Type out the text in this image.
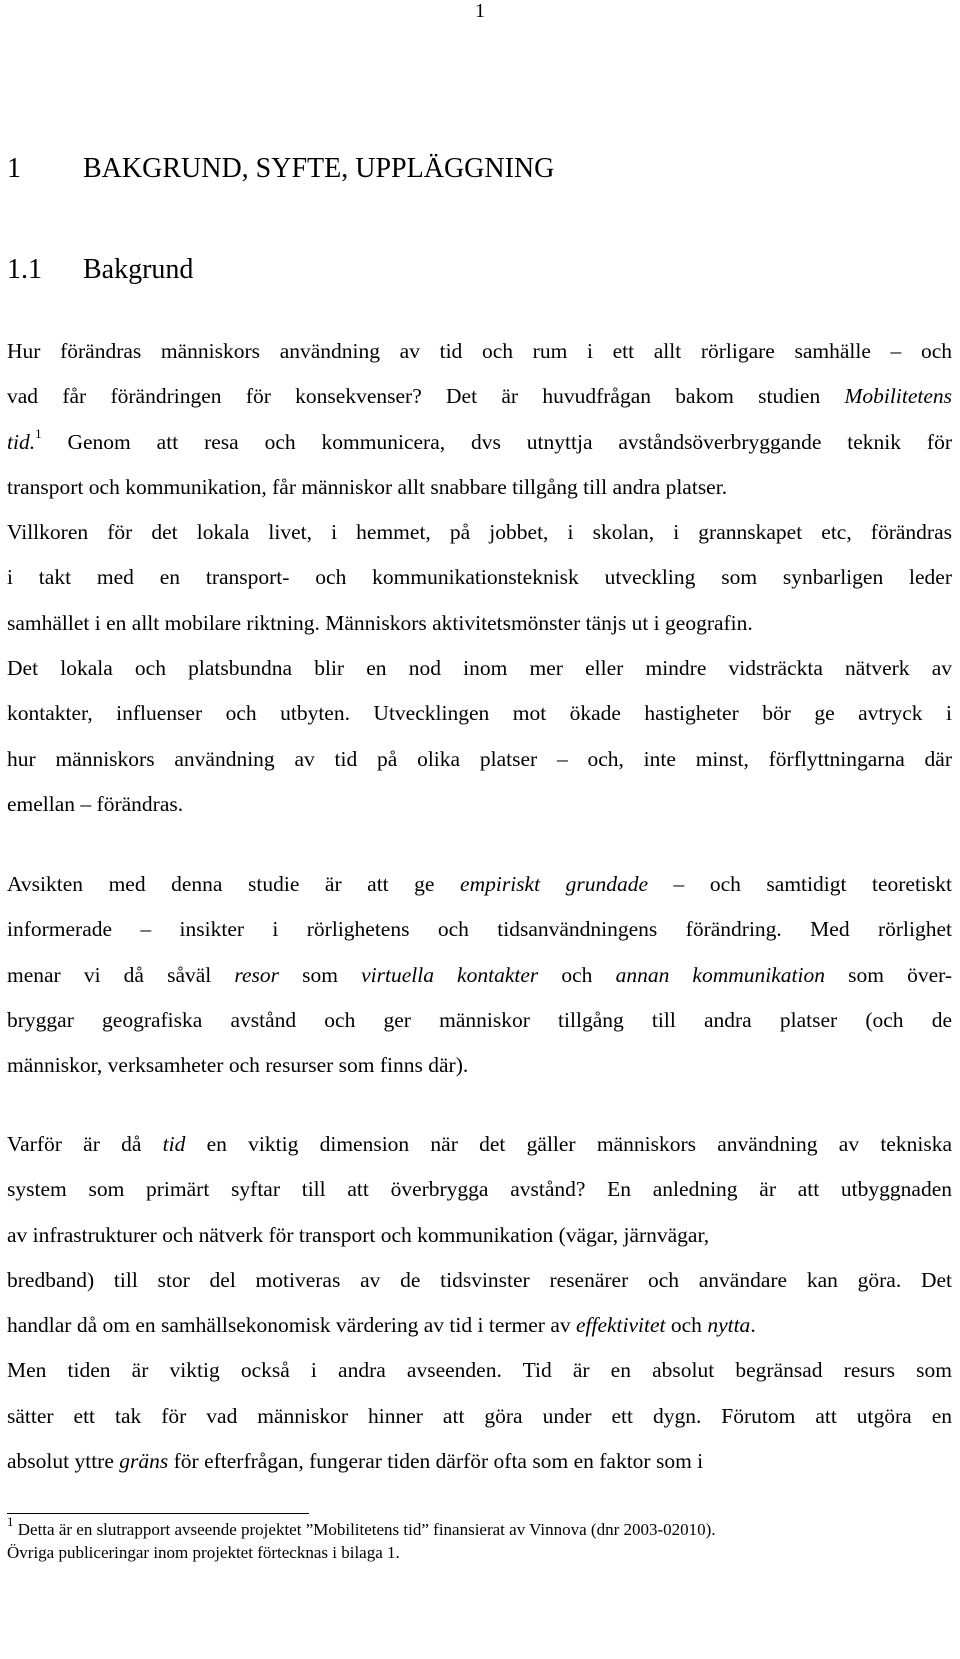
1
1 BAKGRUND, SYFTE, UPPLÄGGNING
1.1 Bakgrund
Hur förändras människors användning av tid och rum i ett allt rörligare samhälle – och
vad får förändringen för konsekvenser? Det är huvudfrågan bakom studien Mobilitetens
tid.$^1$ Genom att resa och kommunicera, dvs utnyttja avståndsöverbryggande teknik för
transport och kommunikation, får människor allt snabbare tillgång till andra platser.
Villkoren för det lokala livet, i hemmet, på jobbet, i skolan, i grannskapet etc, förändras
i takt med en transport- och kommunikationsteknisk utveckling som synbarligen leder
samhället i en allt mobilare riktning. Människors aktivitetsmönster tänjs ut i geografin.
Det lokala och platsbundna blir en nod inom mer eller mindre vidsträckta nätverk av
kontakter, influenser och utbyten. Utvecklingen mot ökade hastigheter bör ge avtryck i
hur människors användning av tid på olika platser – och, inte minst, förflyttningarna där
emellan – förändras.
Avsikten med denna studie är att ge empiriskt grundade – och samtidigt teoretiskt
informerade – insikter i rörlighetens och tidsanvändningens förändring. Med rörlighet
menar vi då såväl resor som virtuella kontakter och annan kommunikation som över-
bryggar geografiska avstånd och ger människor tillgång till andra platser (och de
människor, verksamheter och resurser som finns där).
Varför är då tid en viktig dimension när det gäller människors användning av tekniska
system som primärt syftar till att överbrygga avstånd? En anledning är att utbyggnaden
av infrastrukturer och nätverk för transport och kommunikation (vägar, järnvägar,
bredband) till stor del motiveras av de tidsvinster resenärer och användare kan göra. Det
handlar då om en samhällsekonomisk värdering av tid i termer av effektivitet och nytta.
Men tiden är viktig också i andra avseenden. Tid är en absolut begränsad resurs som
sätter ett tak för vad människor hinner att göra under ett dygn. Förutom att utgöra en
absolut yttre gräns för efterfrågan, fungerar tiden därför ofta som en faktor som i
$^1$ Detta är en slutrapport avseende projektet ”Mobilitetens tid” finansierat av Vinnova (dnr 2003-02010).
Övriga publiceringar inom projektet förtecknas i bilaga 1.
